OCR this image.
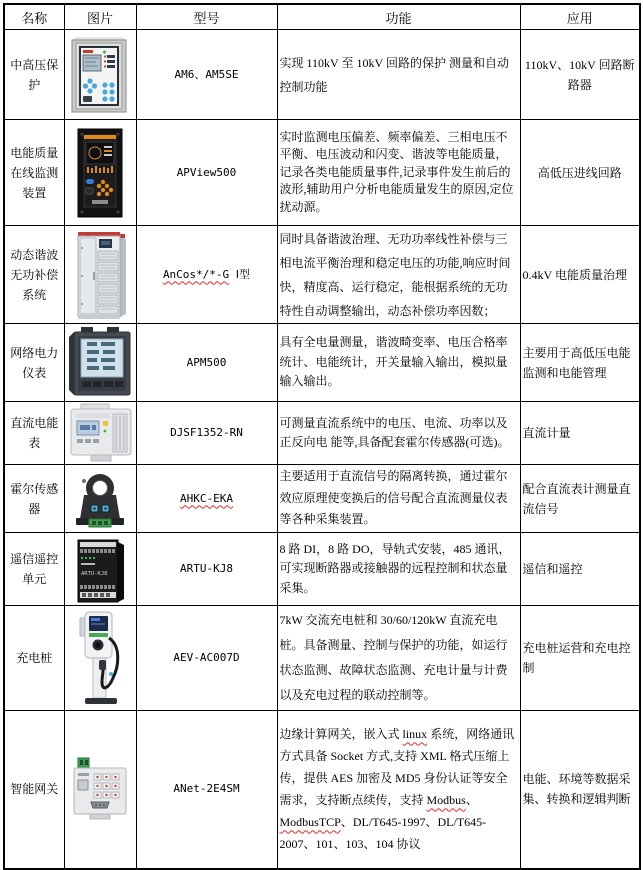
名称	图片	型号	功能	应用
中高压保护		AM6、AM5SE	实现 110kV 至 10kV 回路的保护 测量和自动控制功能	110kV、10kV 回路断路器
电能质量在线监测装置		APView500	实时监测电压偏差、频率偏差、三相电压不平衡、电压波动和闪变、谐波等电能质量，记录各类电能质量事件,记录事件发生前后的波形,辅助用户分析电能质量发生的原因,定位扰动源。	高低压进线回路
动态谐波无功补偿系统		AnCos*/*-G Ⅰ型	同时具备谐波治理、无功功率线性补偿与三相电流平衡治理和稳定电压的功能,响应时间快，精度高、运行稳定，能根据系统的无功特性自动调整输出，动态补偿功率因数；	0.4kV 电能质量治理
网络电力仪表		APM500	具有全电量测量，谐波畸变率、电压合格率统计、电能统计，开关量输入输出，模拟量输入输出。	主要用于高低压电能监测和电能管理
直流电能表		DJSF1352-RN	可测量直流系统中的电压、电流、功率以及正反向电 能等,具备配套霍尔传感器(可选)。	直流计量
霍尔传感器		AHKC-EKA	主要适用于直流信号的隔离转换，通过霍尔效应原理使变换后的信号配合直流测量仪表等各种采集装置。	配合直流表计测量直流信号
遥信遥控单元	ARTU-KJ8	ARTU-KJ8	8 路 DI，8 路 DO，导轨式安装，485 通讯，可实现断路器或接触器的远程控制和状态量采集。	遥信和遥控
充电桩		AEV-AC007D	7kW 交流充电桩和 30/60/120kW 直流充电桩。具备测量、控制与保护的功能，如运行状态监测、故障状态监测、充电计量与计费以及充电过程的联动控制等。	充电桩运营和充电控制
智能网关		ANet-2E4SM	边缘计算网关，嵌入式 linux 系统，网络通讯方式具备 Socket 方式,支持 XML 格式压缩上传，提供 AES 加密及 MD5 身份认证等安全需求，支持断点续传，支持 Modbus、ModbusTCP、DL/T645-1997、DL/T645-2007、101、103、104 协议	电能、环境等数据采集、转换和逻辑判断
